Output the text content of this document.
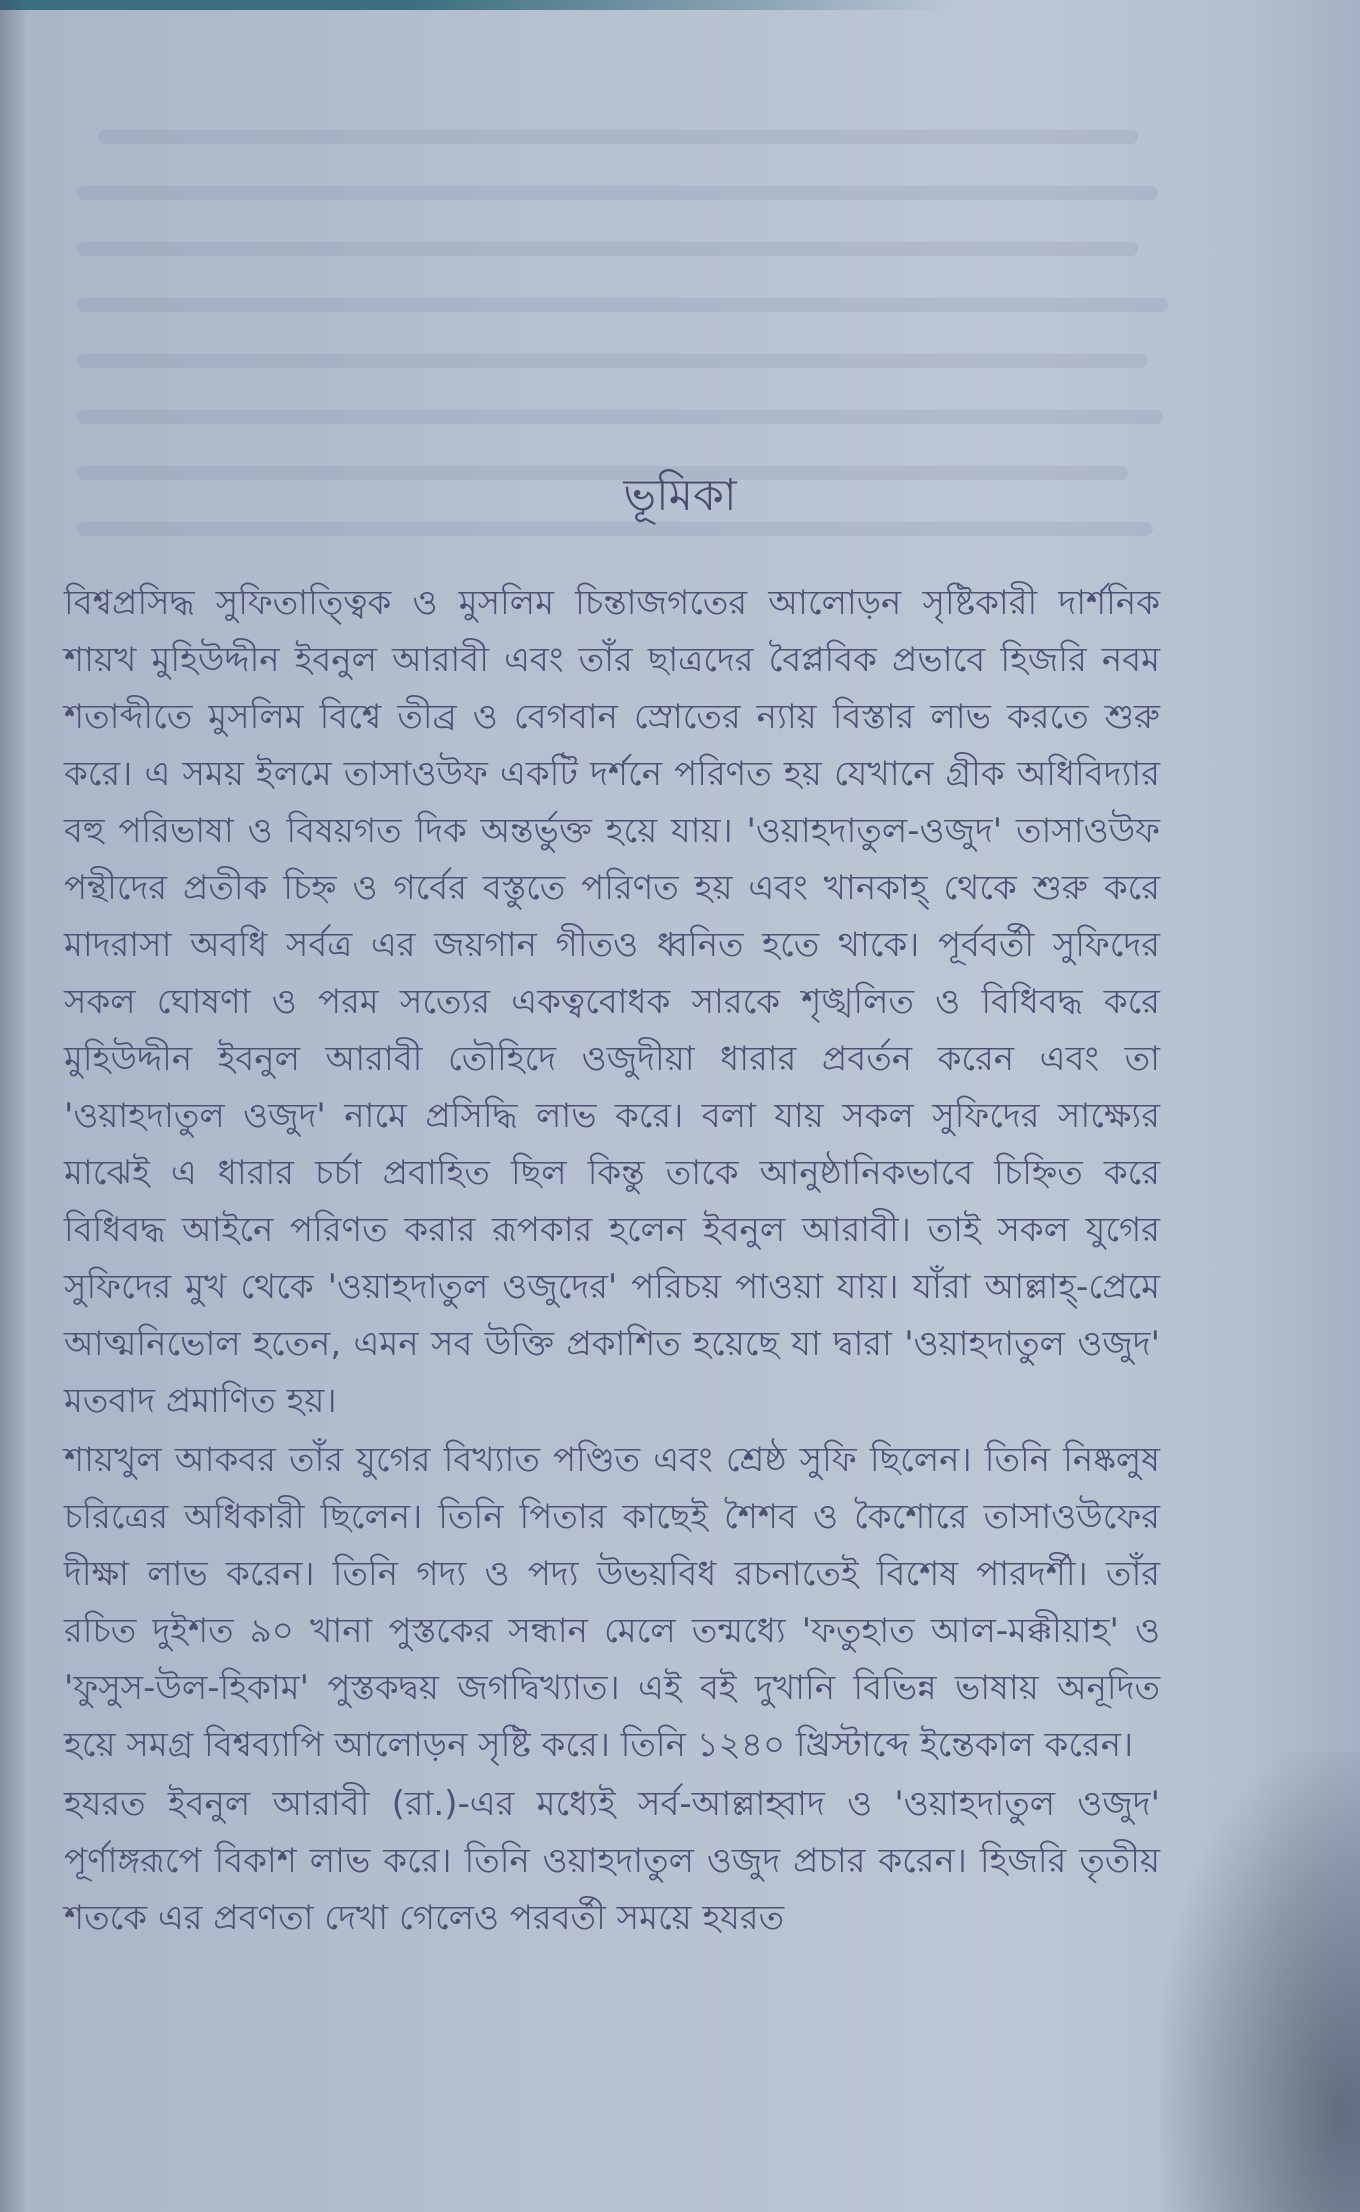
ভূমিকা

বিশ্বপ্রসিদ্ধ সুফিতাত্ত্বিক ও মুসলিম চিন্তাজগতের আলোড়ন সৃষ্টিকারী দার্শনিক শায়খ মুহিউদ্দীন ইবনুল আরাবী এবং তাঁর ছাত্রদের বৈপ্লবিক প্রভাবে হিজরি নবম শতাব্দীতে মুসলিম বিশ্বে তীব্র ও বেগবান স্রোতের ন্যায় বিস্তার লাভ করতে শুরু করে। এ সময় ইলমে তাসাওউফ একটি দর্শনে পরিণত হয় যেখানে গ্রীক অধিবিদ্যার বহু পরিভাষা ও বিষয়গত দিক অন্তর্ভুক্ত হয়ে যায়। 'ওয়াহদাতুল-ওজুদ' তাসাওউফ পন্থীদের প্রতীক চিহ্ন ও গর্বের বস্তুতে পরিণত হয় এবং খানকাহ্ থেকে শুরু করে মাদরাসা অবধি সর্বত্র এর জয়গান গীতও ধ্বনিত হতে থাকে। পূর্ববর্তী সুফিদের সকল ঘোষণা ও পরম সত্যের একত্ববোধক সারকে শৃঙ্খলিত ও বিধিবদ্ধ করে মুহিউদ্দীন ইবনুল আরাবী তৌহিদে ওজুদীয়া ধারার প্রবর্তন করেন এবং তা 'ওয়াহদাতুল ওজুদ' নামে প্রসিদ্ধি লাভ করে। বলা যায় সকল সুফিদের সাক্ষ্যের মাঝেই এ ধারার চর্চা প্রবাহিত ছিল কিন্তু তাকে আনুষ্ঠানিকভাবে চিহ্নিত করে বিধিবদ্ধ আইনে পরিণত করার রূপকার হলেন ইবনুল আরাবী। তাই সকল যুগের সুফিদের মুখ থেকে 'ওয়াহদাতুল ওজুদের' পরিচয় পাওয়া যায়। যাঁরা আল্লাহ্-প্রেমে আত্মনিভোল হতেন, এমন সব উক্তি প্রকাশিত হয়েছে যা দ্বারা 'ওয়াহদাতুল ওজুদ' মতবাদ প্রমাণিত হয়।

শায়খুল আকবর তাঁর যুগের বিখ্যাত পণ্ডিত এবং শ্রেষ্ঠ সুফি ছিলেন। তিনি নিষ্কলুষ চরিত্রের অধিকারী ছিলেন। তিনি পিতার কাছেই শৈশব ও কৈশোরে তাসাওউফের দীক্ষা লাভ করেন। তিনি গদ্য ও পদ্য উভয়বিধ রচনাতেই বিশেষ পারদর্শী। তাঁর রচিত দুইশত ৯০ খানা পুস্তকের সন্ধান মেলে তন্মধ্যে 'ফতুহাত আল-মক্কীয়াহ' ও 'ফুসুস-উল-হিকাম' পুস্তকদ্বয় জগদ্বিখ্যাত। এই বই দুখানি বিভিন্ন ভাষায় অনূদিত হয়ে সমগ্র বিশ্বব্যাপি আলোড়ন সৃষ্টি করে। তিনি ১২৪০ খ্রিস্টাব্দে ইন্তেকাল করেন।

হযরত ইবনুল আরাবী (রা.)-এর মধ্যেই সর্ব-আল্লাহ্বাদ ও 'ওয়াহদাতুল ওজুদ' পূর্ণাঙ্গরূপে বিকাশ লাভ করে। তিনি ওয়াহদাতুল ওজুদ প্রচার করেন। হিজরি তৃতীয় শতকে এর প্রবণতা দেখা গেলেও পরবর্তী সময়ে হযরত
